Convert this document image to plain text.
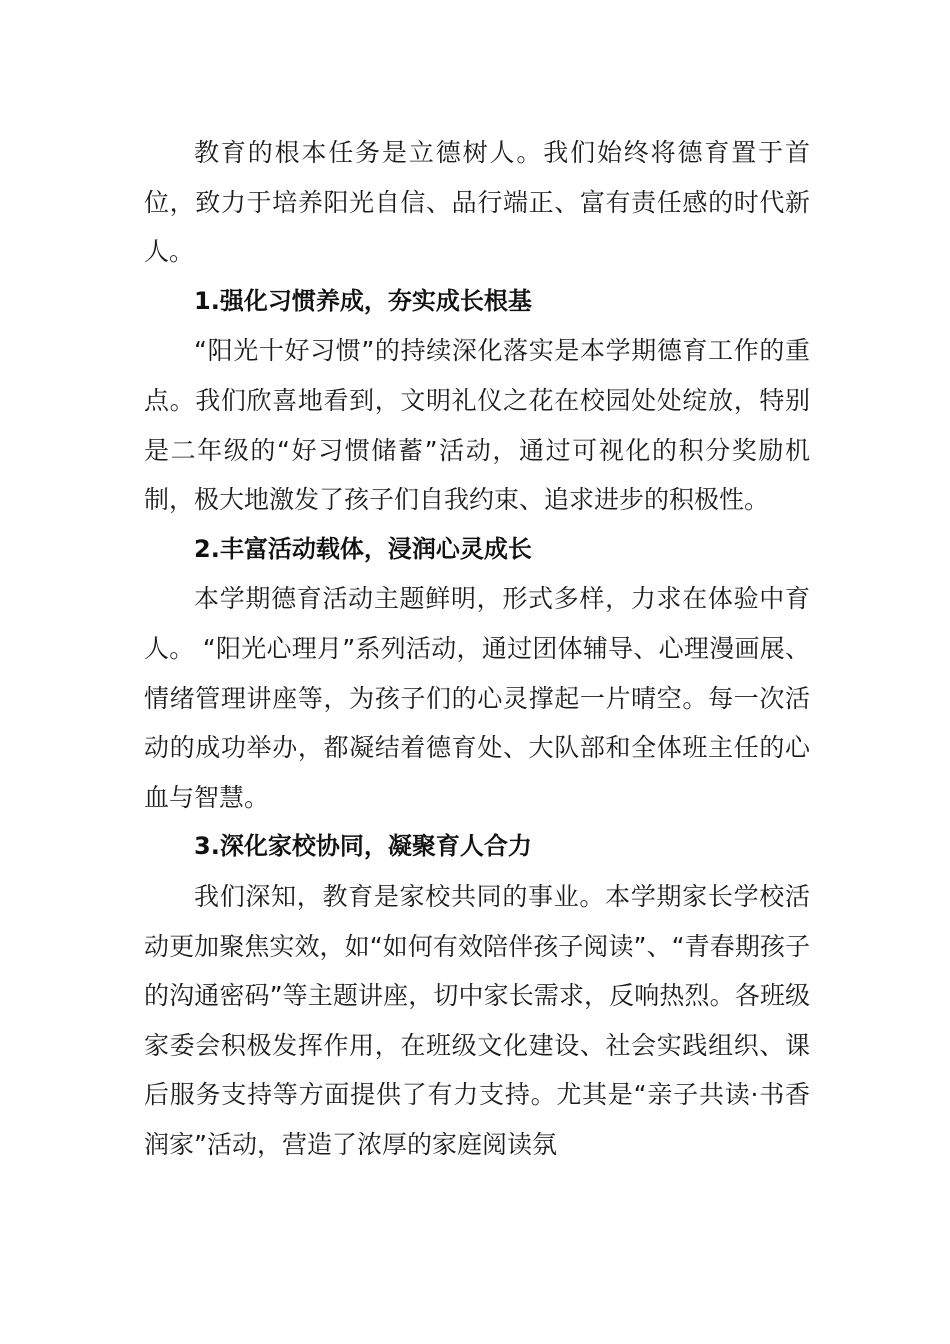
教育的根本任务是立德树人。我们始终将德育置于首位，致力于培养阳光自信、品行端正、富有责任感的时代新人。

1.强化习惯养成，夯实成长根基

“阳光十好习惯”的持续深化落实是本学期德育工作的重点。我们欣喜地看到，文明礼仪之花在校园处处绽放，特别是二年级的“好习惯储蓄”活动，通过可视化的积分奖励机制，极大地激发了孩子们自我约束、追求进步的积极性。

2.丰富活动载体，浸润心灵成长

本学期德育活动主题鲜明，形式多样，力求在体验中育人。 “阳光心理月”系列活动，通过团体辅导、心理漫画展、情绪管理讲座等，为孩子们的心灵撑起一片晴空。每一次活动的成功举办，都凝结着德育处、大队部和全体班主任的心血与智慧。

3.深化家校协同，凝聚育人合力

我们深知，教育是家校共同的事业。本学期家长学校活动更加聚焦实效，如“如何有效陪伴孩子阅读”、“青春期孩子的沟通密码”等主题讲座，切中家长需求，反响热烈。各班级家委会积极发挥作用，在班级文化建设、社会实践组织、课后服务支持等方面提供了有力支持。尤其是“亲子共读·书香润家”活动，营造了浓厚的家庭阅读氛
